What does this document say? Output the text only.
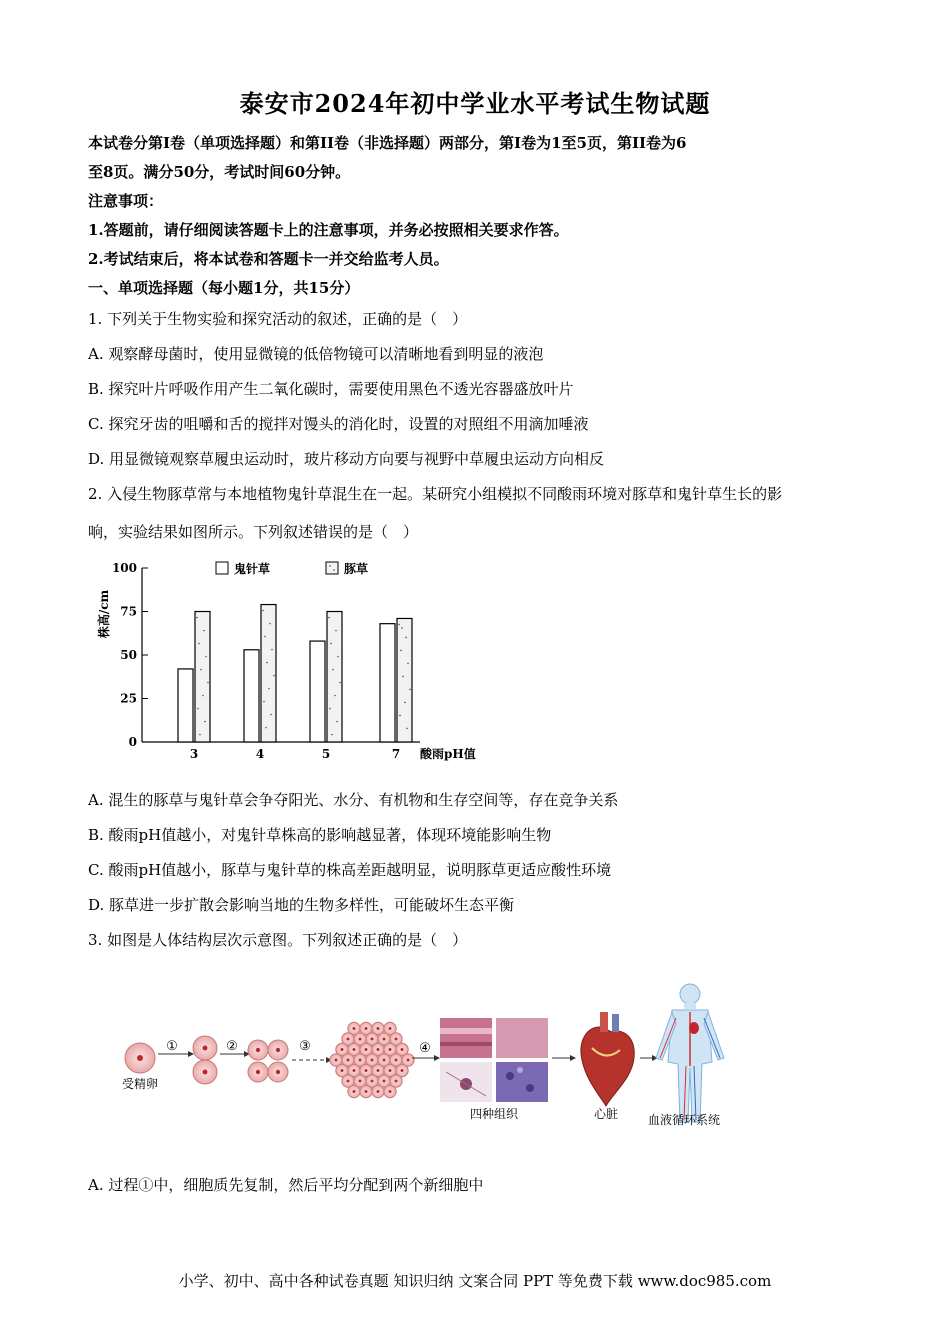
泰安市2024年初中学业水平考试生物试题
本试卷分第I卷（单项选择题）和第II卷（非选择题）两部分，第I卷为1至5页，第II卷为6
至8页。满分50分，考试时间60分钟。
注意事项：
1.答题前，请仔细阅读答题卡上的注意事项，并务必按照相关要求作答。
2.考试结束后，将本试卷和答题卡一并交给监考人员。
一、单项选择题（每小题1分，共15分）
1. 下列关于生物实验和探究活动的叙述，正确的是（　）
A. 观察酵母菌时，使用显微镜的低倍物镜可以清晰地看到明显的液泡
B. 探究叶片呼吸作用产生二氧化碳时，需要使用黑色不透光容器盛放叶片
C. 探究牙齿的咀嚼和舌的搅拌对馒头的消化时，设置的对照组不用滴加唾液
D. 用显微镜观察草履虫运动时，玻片移动方向要与视野中草履虫运动方向相反
2. 入侵生物豚草常与本地植物鬼针草混生在一起。某研究小组模拟不同酸雨环境对豚草和鬼针草生长的影
响，实验结果如图所示。下列叙述错误的是（　）
0
25
50
75
100
株高/cm
3	4	5	7 酸雨pH值
鬼针草	豚草
A. 混生的豚草与鬼针草会争夺阳光、水分、有机物和生存空间等，存在竞争关系
B. 酸雨pH值越小，对鬼针草株高的影响越显著，体现环境能影响生物
C. 酸雨pH值越小，豚草与鬼针草的株高差距越明显，说明豚草更适应酸性环境
D. 豚草进一步扩散会影响当地的生物多样性，可能破坏生态平衡
3. 如图是人体结构层次示意图。下列叙述正确的是（　）
受精卵
①	②	③	④
四种组织	心脏 血液循环系统
A. 过程①中，细胞质先复制，然后平均分配到两个新细胞中
小学、初中、高中各种试卷真题 知识归纳 文案合同 PPT 等免费下载 www.doc985.com
